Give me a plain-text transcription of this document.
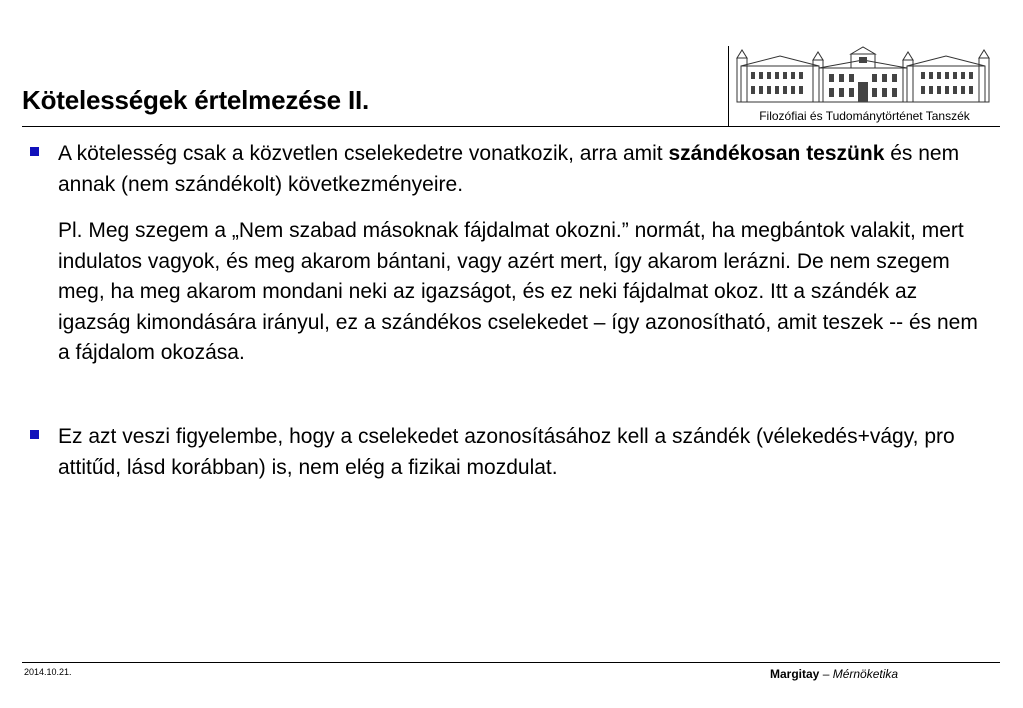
Kötelességek értelmezése II.
Filozófiai és Tudománytörténet Tanszék
A kötelesség csak a közvetlen cselekedetre vonatkozik, arra amit szándékosan teszünk és nem annak (nem szándékolt) következményeire.
Pl. Meg szegem a „Nem szabad másoknak fájdalmat okozni.” normát, ha megbántok valakit, mert indulatos vagyok, és meg akarom bántani, vagy azért mert, így akarom lerázni. De nem szegem meg, ha meg akarom mondani neki az igazságot, és ez neki fájdalmat okoz. Itt a szándék az igazság kimondására irányul, ez a szándékos cselekedet – így azonosítható, amit teszek -- és nem a fájdalom okozása.
Ez azt veszi figyelembe, hogy a cselekedet azonosításához kell a szándék (vélekedés+vágy, pro attitűd, lásd korábban) is, nem elég a fizikai mozdulat.
2014.10.21.	Margitay – Mérnöketika
